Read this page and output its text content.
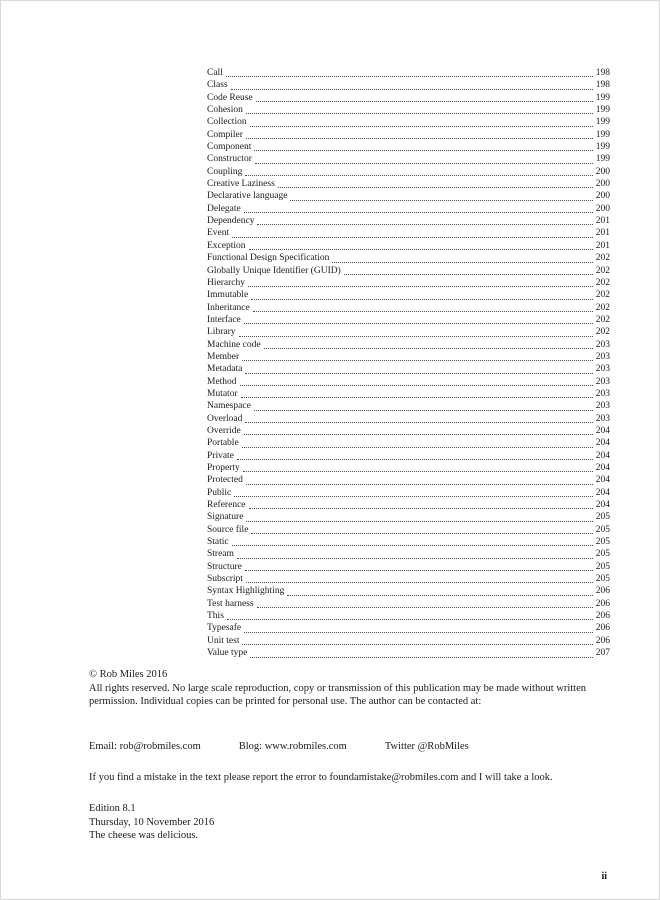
Call	198
Class	198
Code Reuse	199
Cohesion	199
Collection	199
Compiler	199
Component	199
Constructor	199
Coupling	200
Creative Laziness	200
Declarative language	200
Delegate	200
Dependency	201
Event	201
Exception	201
Functional Design Specification	202
Globally Unique Identifier (GUID)	202
Hierarchy	202
Immutable	202
Inheritance	202
Interface	202
Library	202
Machine code	203
Member	203
Metadata	203
Method	203
Mutator	203
Namespace	203
Overload	203
Override	204
Portable	204
Private	204
Property	204
Protected	204
Public	204
Reference	204
Signature	205
Source file	205
Static	205
Stream	205
Structure	205
Subscript	205
Syntax Highlighting	206
Test harness	206
This	206
Typesafe	206
Unit test	206
Value type	207
© Rob Miles 2016
All rights reserved. No large scale reproduction, copy or transmission of this publication may be made without written permission. Individual copies can be printed for personal use. The author can be contacted at:
Email: rob@robmiles.com	Blog: www.robmiles.com	Twitter @RobMiles
If you find a mistake in the text please report the error to foundamistake@robmiles.com and I will take a look.
Edition 8.1
Thursday, 10 November 2016
The cheese was delicious.
ii
